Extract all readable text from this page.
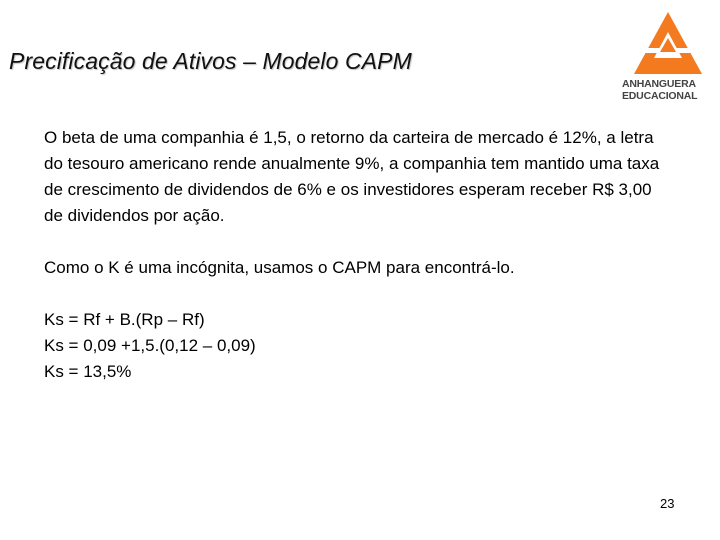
Precificação de Ativos – Modelo CAPM
ANHANGUERA
EDUCACIONAL

O beta de uma companhia é 1,5, o retorno da carteira de mercado é 12%, a letra do tesouro americano rende anualmente 9%, a companhia tem mantido uma taxa de crescimento de dividendos de 6% e os investidores esperam receber R$ 3,00 de dividendos por ação.

Como o K é uma incógnita, usamos o CAPM para encontrá-lo.

Ks = Rf + B.(Rp – Rf)
Ks = 0,09 +1,5.(0,12 – 0,09)
Ks = 13,5%
23
